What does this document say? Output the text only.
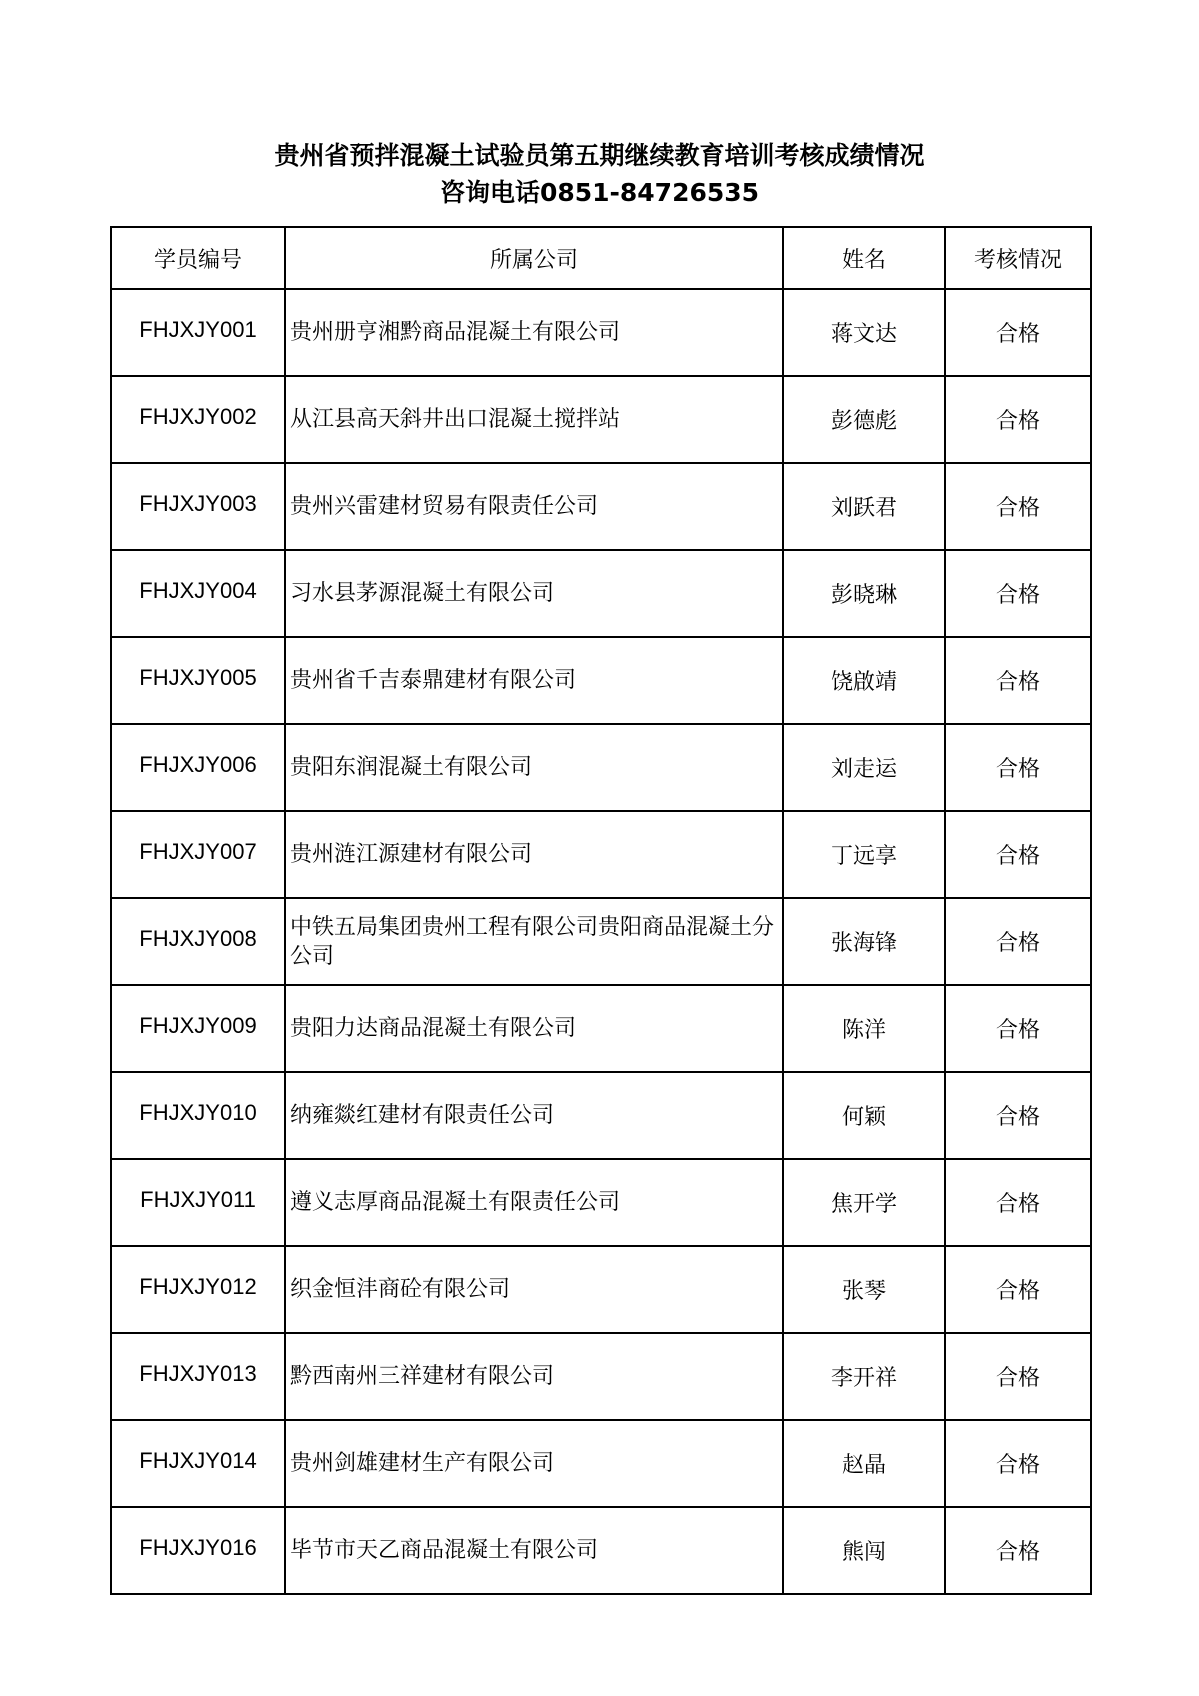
贵州省预拌混凝土试验员第五期继续教育培训考核成绩情况
咨询电话0851-84726535
学员编号	所属公司	姓名	考核情况
FHJXJY001	贵州册亨湘黔商品混凝土有限公司	蒋文达	合格
FHJXJY002	从江县高天斜井出口混凝土搅拌站	彭德彪	合格
FHJXJY003	贵州兴雷建材贸易有限责任公司	刘跃君	合格
FHJXJY004	习水县茅源混凝土有限公司	彭晓琳	合格
FHJXJY005	贵州省千吉泰鼎建材有限公司	饶啟靖	合格
FHJXJY006	贵阳东润混凝土有限公司	刘走运	合格
FHJXJY007	贵州涟江源建材有限公司	丁远享	合格
FHJXJY008	中铁五局集团贵州工程有限公司贵阳商品混凝土分公司	张海锋	合格
FHJXJY009	贵阳力达商品混凝土有限公司	陈洋	合格
FHJXJY010	纳雍燚红建材有限责任公司	何颖	合格
FHJXJY011	遵义志厚商品混凝土有限责任公司	焦开学	合格
FHJXJY012	织金恒沣商砼有限公司	张琴	合格
FHJXJY013	黔西南州三祥建材有限公司	李开祥	合格
FHJXJY014	贵州剑雄建材生产有限公司	赵晶	合格
FHJXJY016	毕节市天乙商品混凝土有限公司	熊闯	合格
